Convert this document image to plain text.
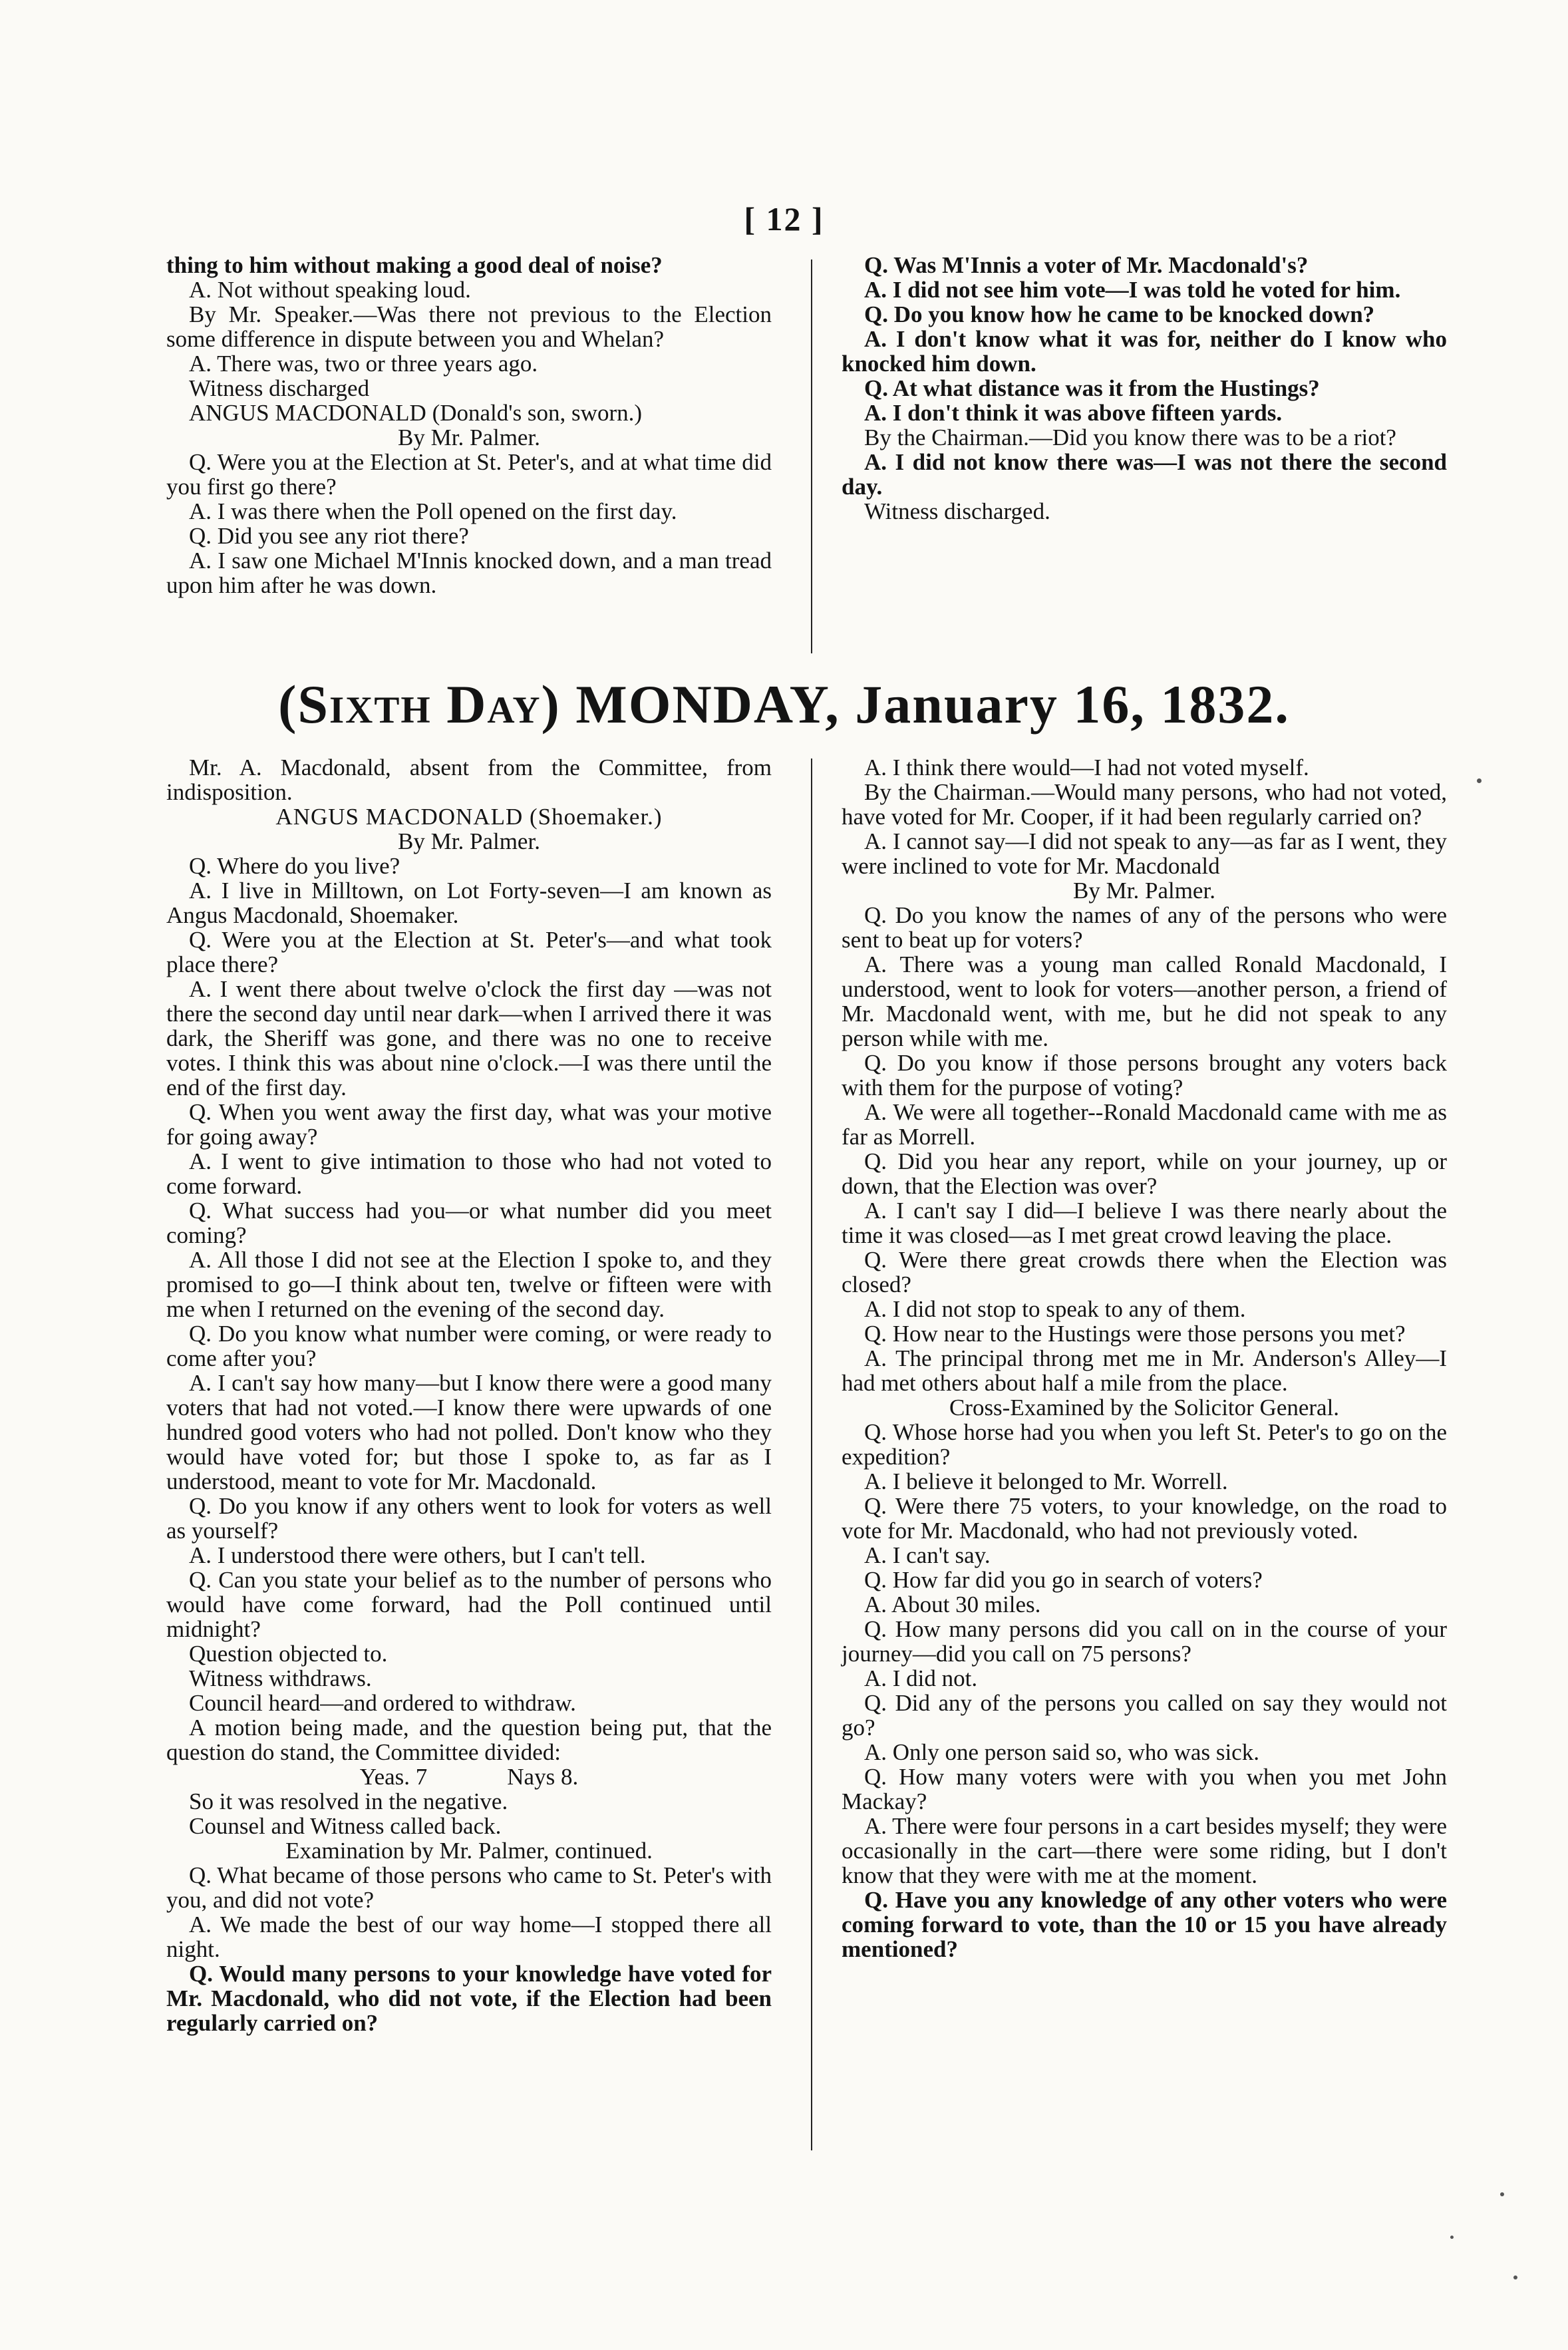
[ 12 ]

thing to him without making a good deal of noise?

A. Not without speaking loud.

By Mr. Speaker.—Was there not previous to the Election some difference in dispute between you and Whelan?

A. There was, two or three years ago.

Witness discharged

ANGUS MACDONALD (Donald's son, sworn.)

By Mr. Palmer.

Q. Were you at the Election at St. Peter's, and at what time did you first go there?

A. I was there when the Poll opened on the first day.

Q. Did you see any riot there?

A. I saw one Michael M'Innis knocked down, and a man tread upon him after he was down.

Q. Was M'Innis a voter of Mr. Macdonald's?

A. I did not see him vote—I was told he voted for him.

Q. Do you know how he came to be knocked down?

A. I don't know what it was for, neither do I know who knocked him down.

Q. At what distance was it from the Hustings?

A. I don't think it was above fifteen yards.

By the Chairman.—Did you know there was to be a riot?

A. I did not know there was—I was not there the second day.

Witness discharged.

(Sixth Day) MONDAY, January 16, 1832.

Mr. A. Macdonald, absent from the Committee, from indisposition.

ANGUS MACDONALD (Shoemaker.)

By Mr. Palmer.

Q. Where do you live?

A. I live in Milltown, on Lot Forty-seven—I am known as Angus Macdonald, Shoemaker.

Q. Were you at the Election at St. Peter's—and what took place there?

A. I went there about twelve o'clock the first day —was not there the second day until near dark—when I arrived there it was dark, the Sheriff was gone, and there was no one to receive votes. I think this was about nine o'clock.—I was there until the end of the first day.

Q. When you went away the first day, what was your motive for going away?

A. I went to give intimation to those who had not voted to come forward.

Q. What success had you—or what number did you meet coming?

A. All those I did not see at the Election I spoke to, and they promised to go—I think about ten, twelve or fifteen were with me when I returned on the evening of the second day.

Q. Do you know what number were coming, or were ready to come after you?

A. I can't say how many—but I know there were a good many voters that had not voted.—I know there were upwards of one hundred good voters who had not polled. Don't know who they would have voted for; but those I spoke to, as far as I understood, meant to vote for Mr. Macdonald.

Q. Do you know if any others went to look for voters as well as yourself?

A. I understood there were others, but I can't tell.

Q. Can you state your belief as to the number of persons who would have come forward, had the Poll continued until midnight?

Question objected to.

Witness withdraws.

Council heard—and ordered to withdraw.

A motion being made, and the question being put, that the question do stand, the Committee divided:

Yeas. 7	Nays 8.

So it was resolved in the negative.

Counsel and Witness called back.

Examination by Mr. Palmer, continued.

Q. What became of those persons who came to St. Peter's with you, and did not vote?

A. We made the best of our way home—I stopped there all night.

Q. Would many persons to your knowledge have voted for Mr. Macdonald, who did not vote, if the Election had been regularly carried on?

A. I think there would—I had not voted myself.

By the Chairman.—Would many persons, who had not voted, have voted for Mr. Cooper, if it had been regularly carried on?

A. I cannot say—I did not speak to any—as far as I went, they were inclined to vote for Mr. Macdonald

By Mr. Palmer.

Q. Do you know the names of any of the persons who were sent to beat up for voters?

A. There was a young man called Ronald Macdonald, I understood, went to look for voters—another person, a friend of Mr. Macdonald went, with me, but he did not speak to any person while with me.

Q. Do you know if those persons brought any voters back with them for the purpose of voting?

A. We were all together--Ronald Macdonald came with me as far as Morrell.

Q. Did you hear any report, while on your journey, up or down, that the Election was over?

A. I can't say I did—I believe I was there nearly about the time it was closed—as I met great crowd leaving the place.

Q. Were there great crowds there when the Election was closed?

A. I did not stop to speak to any of them.

Q. How near to the Hustings were those persons you met?

A. The principal throng met me in Mr. Anderson's Alley—I had met others about half a mile from the place.

Cross-Examined by the Solicitor General.

Q. Whose horse had you when you left St. Peter's to go on the expedition?

A. I believe it belonged to Mr. Worrell.

Q. Were there 75 voters, to your knowledge, on the road to vote for Mr. Macdonald, who had not previously voted.

A. I can't say.

Q. How far did you go in search of voters?

A. About 30 miles.

Q. How many persons did you call on in the course of your journey—did you call on 75 persons?

A. I did not.

Q. Did any of the persons you called on say they would not go?

A. Only one person said so, who was sick.

Q. How many voters were with you when you met John Mackay?

A. There were four persons in a cart besides myself; they were occasionally in the cart—there were some riding, but I don't know that they were with me at the moment.

Q. Have you any knowledge of any other voters who were coming forward to vote, than the 10 or 15 you have already mentioned?
